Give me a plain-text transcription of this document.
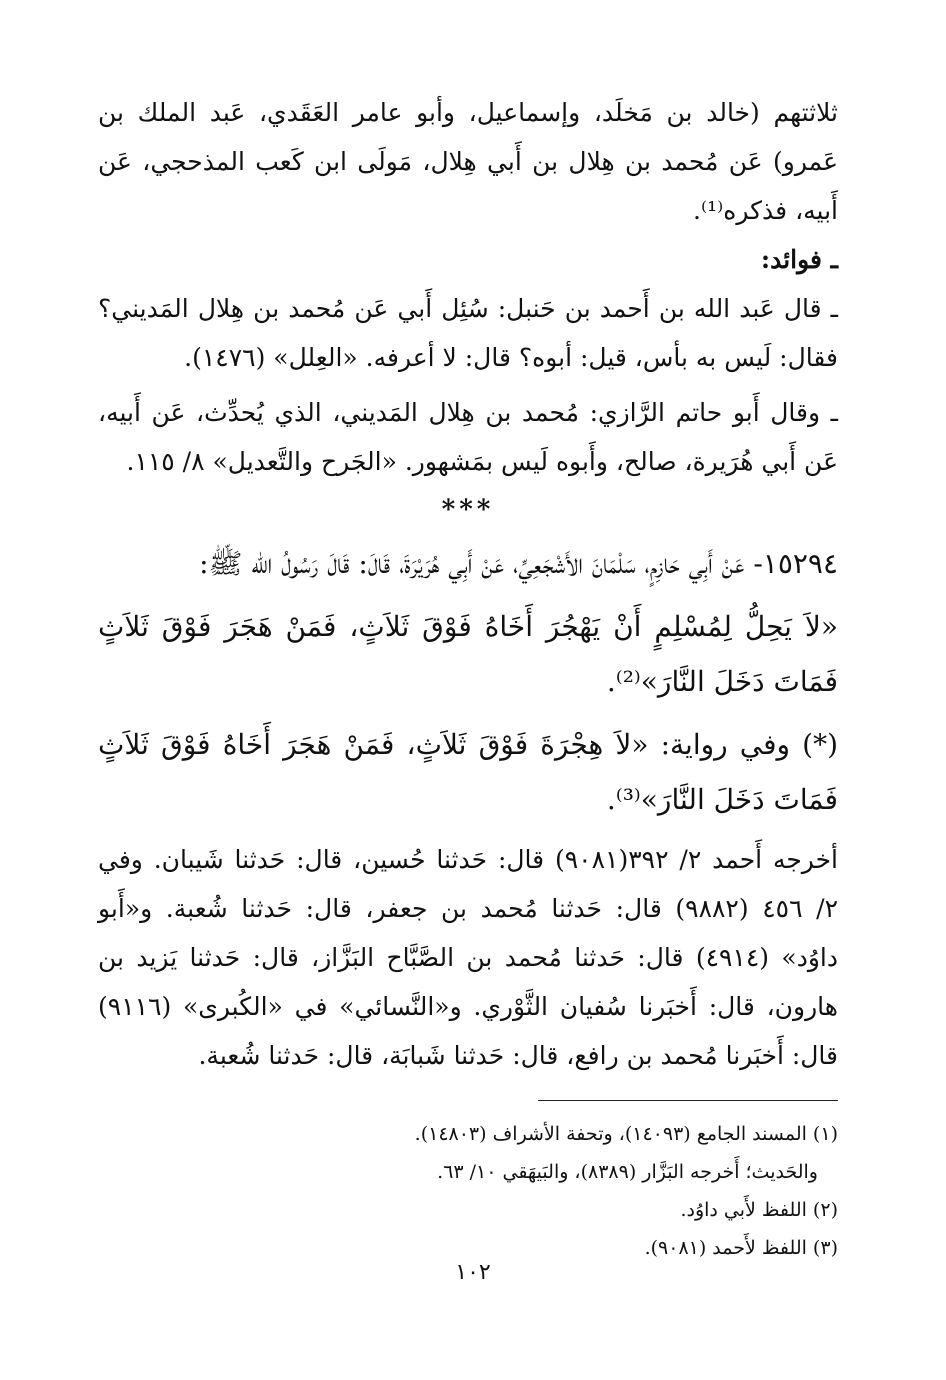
ثلاثتهم (خالد بن مَخلَد، وإسماعيل، وأبو عامر العَقَدي، عَبد الملك بن عَمرو) عَن مُحمد بن هِلال بن أَبي هِلال، مَولَى ابن كَعب المذحجي، عَن أَبيه، فذكره⁽¹⁾.

ـ فوائد:

ـ قال عَبد الله بن أَحمد بن حَنبل: سُئِل أَبي عَن مُحمد بن هِلال المَديني؟ فقال: لَيس به بأس، قيل: أبوه؟ قال: لا أعرفه. «العِلل» (١٤٧٦).

ـ وقال أَبو حاتم الرَّازي: مُحمد بن هِلال المَديني، الذي يُحدِّث، عَن أَبيه، عَن أَبي هُرَيرة، صالح، وأَبوه لَيس بمَشهور. «الجَرح والتَّعديل» ٨/ ١١٥.

***

١٥٢٩٤- عَنْ أَبِي حَازِمٍ، سَلْمَانَ الأَشْجَعِيِّ، عَنْ أَبِي هُرَيْرَةَ، قَالَ: قَالَ رَسُولُ الله ﷺ:

«لاَ يَحِلُّ لِمُسْلِمٍ أَنْ يَهْجُرَ أَخَاهُ فَوْقَ ثَلاَثٍ، فَمَنْ هَجَرَ فَوْقَ ثَلاَثٍ فَمَاتَ دَخَلَ النَّارَ»⁽²⁾.

(*) وفي رواية: «لاَ هِجْرَةَ فَوْقَ ثَلاَثٍ، فَمَنْ هَجَرَ أَخَاهُ فَوْقَ ثَلاَثٍ فَمَاتَ دَخَلَ النَّارَ»⁽³⁾.

أخرجه أَحمد ٢/ ٣٩٢(٩٠٨١) قال: حَدثنا حُسين، قال: حَدثنا شَيبان. وفي ٢/ ٤٥٦ (٩٨٨٢) قال: حَدثنا مُحمد بن جعفر، قال: حَدثنا شُعبة. و«أَبو داوُد» (٤٩١٤) قال: حَدثنا مُحمد بن الصَّبَّاح البَزَّاز، قال: حَدثنا يَزيد بن هارون، قال: أَخبَرنا سُفيان الثَّوْري. و«النَّسائي» في «الكُبرى» (٩١١٦) قال: أَخبَرنا مُحمد بن رافع، قال: حَدثنا شَبابَة، قال: حَدثنا شُعبة.

(١) المسند الجامع (١٤٠٩٣)، وتحفة الأشراف (١٤٨٠٣).

والحَديث؛ أَخرجه البَزَّار (٨٣٨٩)، والبَيهَقي ١٠/ ٦٣.

(٢) اللفظ لأَبي داوُد.

(٣) اللفظ لأَحمد (٩٠٨١).

١٠٢
